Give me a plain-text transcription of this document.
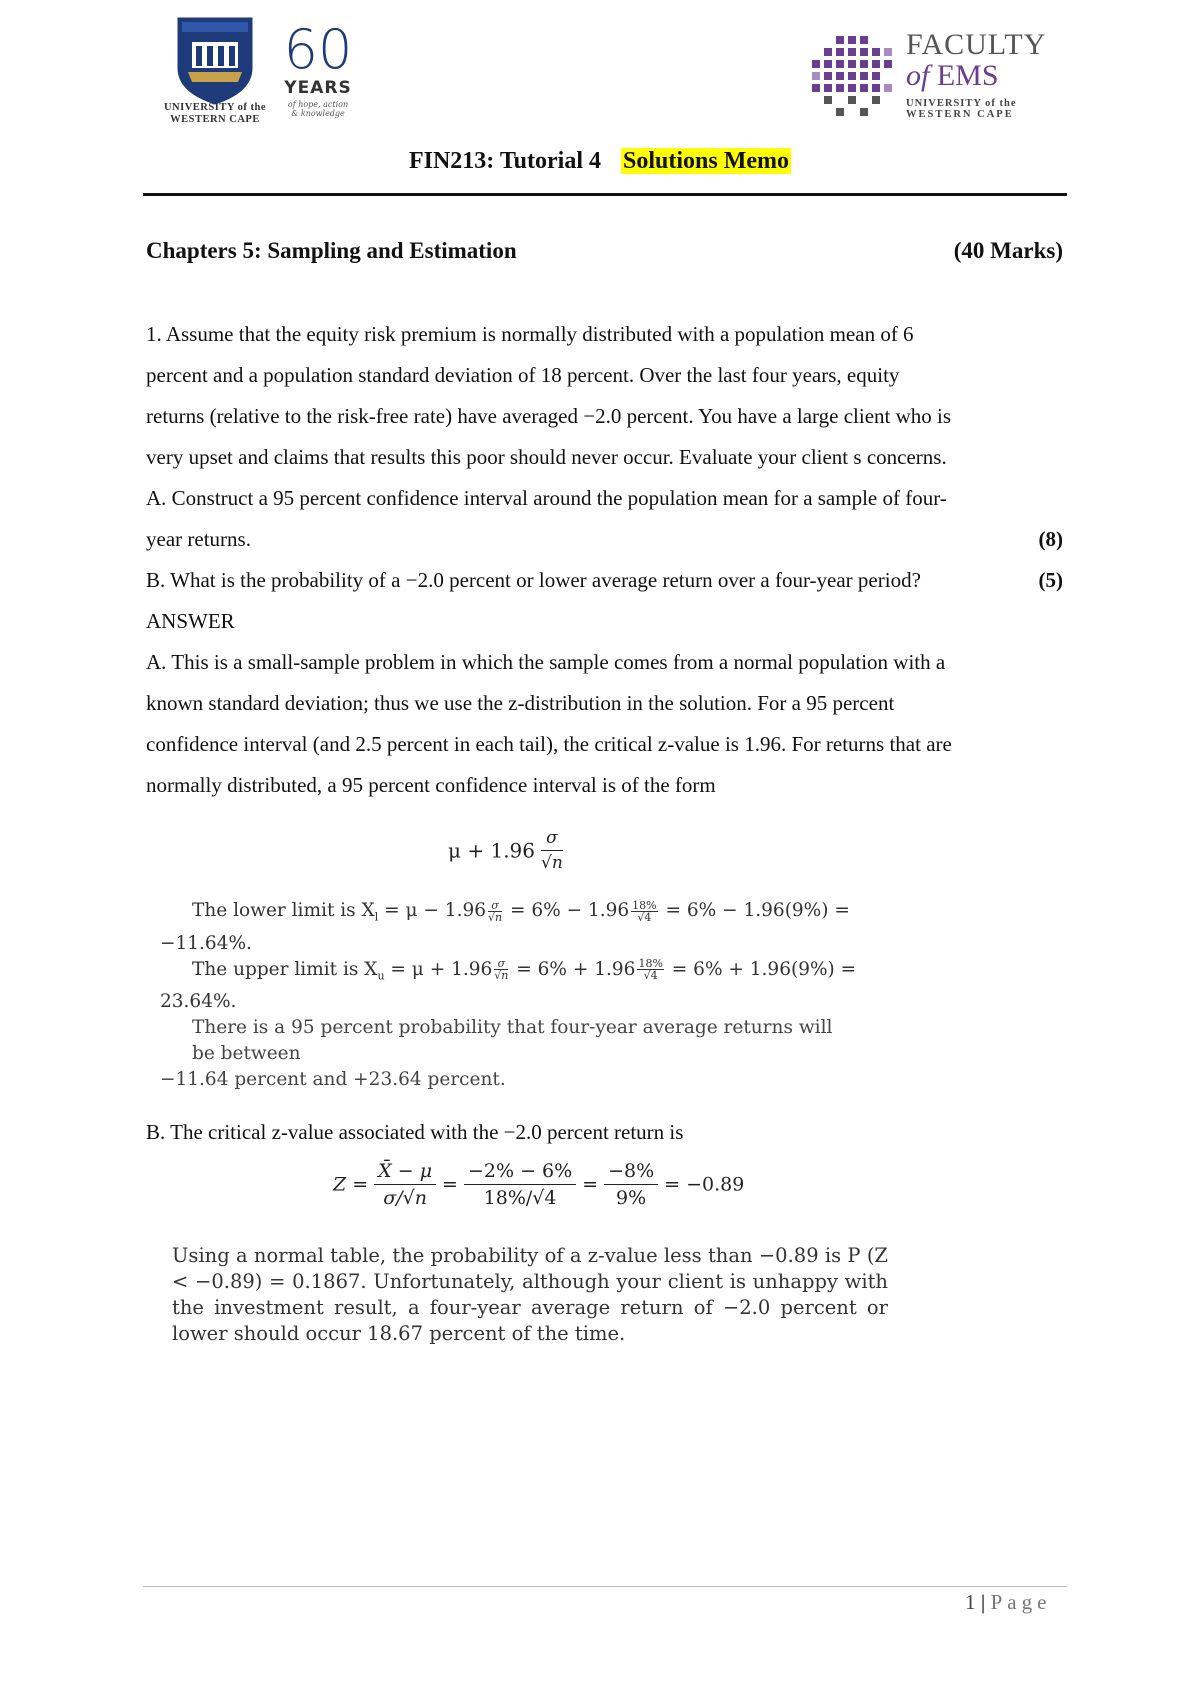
UNIVERSITY of the
WESTERN CAPE
60
YEARS
of hope, action & knowledge
FACULTY
of EMS
UNIVERSITY of the
WESTERN CAPE
FIN213: Tutorial 4 Solutions Memo
Chapters 5: Sampling and Estimation	(40 Marks)

1. Assume that the equity risk premium is normally distributed with a population mean of 6

percent and a population standard deviation of 18 percent. Over the last four years, equity

returns (relative to the risk-free rate) have averaged −2.0 percent. You have a large client who is

very upset and claims that results this poor should never occur. Evaluate your client s concerns.

A. Construct a 95 percent confidence interval around the population mean for a sample of four-

year returns.	(8)

B. What is the probability of a −2.0 percent or lower average return over a four-year period?	(5)

ANSWER

A. This is a small-sample problem in which the sample comes from a normal population with a

known standard deviation; thus we use the z-distribution in the solution. For a 95 percent

confidence interval (and 2.5 percent in each tail), the critical z-value is 1.96. For returns that are

normally distributed, a 95 percent confidence interval is of the form

$\mu + 1.96 \frac{\sigma}{√n}$
The lower limit is $X_l = \mu - 1.96 \frac{\sigma}{√n} = 6\% - 1.96 \frac{18\%}{√4} = 6\% - 1.96(9\%)$ =
−11.64%.
The upper limit is $X_u = \mu + 1.96 \frac{\sigma}{√n} = 6\% + 1.96 \frac{18\%}{√4} = 6\% + 1.96(9\%)$ =
23.64%.
There is a 95 percent probability that four-year average returns will be between
−11.64 percent and +23.64 percent.

B. The critical z-value associated with the −2.0 percent return is

$Z = \frac{X̄ - \mu}{\sigma/√n} = \frac{-2\% - 6\%}{18\%/√4} = \frac{-8\%}{9\%} = -0.89$
Using a normal table, the probability of a z-value less than −0.89 is P (Z < −0.89) = 0.1867. Unfortunately, although your client is unhappy with the investment result, a four-year average return of −2.0 percent or lower should occur 18.67 percent of the time.
1 | Page
